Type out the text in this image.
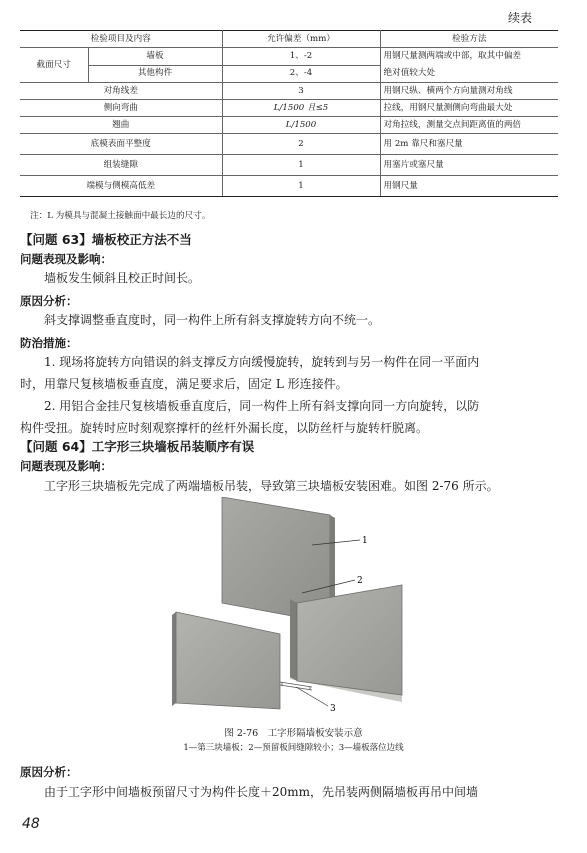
续表
检验项目及内容		允许偏差（mm）	检验方法
截面尺寸	墙板	1、-2	用钢尺量测两端或中部，取其中偏差
绝对值较大处
	其他构件	2、-4	
对角线差		3	用钢尺纵、横两个方向量测对角线
侧向弯曲		L/1500 且≤5	拉线，用钢尺量测侧向弯曲最大处
翘曲		L/1500	对角拉线，测量交点间距离值的两倍
底模表面平整度		2	用 2m 靠尺和塞尺量
组装缝隙		1	用塞片或塞尺量
端模与侧模高低差		1	用钢尺量
注：L 为模具与混凝土接触面中最长边的尺寸。
【问题 63】墙板校正方法不当
问题表现及影响：
墙板发生倾斜且校正时间长。
原因分析：
斜支撑调整垂直度时，同一构件上所有斜支撑旋转方向不统一。
防治措施：
1. 现场将旋转方向错误的斜支撑反方向缓慢旋转，旋转到与另一构件在同一平面内
时，用靠尺复核墙板垂直度，满足要求后，固定 L 形连接件。
2. 用铝合金挂尺复核墙板垂直度后，同一构件上所有斜支撑向同一方向旋转，以防
构件受扭。旋转时应时刻观察撑杆的丝杆外漏长度，以防丝杆与旋转杆脱离。
【问题 64】工字形三块墙板吊装顺序有误
问题表现及影响：
工字形三块墙板先完成了两端墙板吊装，导致第三块墙板安装困难。如图 2-76 所示。
1
2
3
图 2-76　工字形隔墙板安装示意
1—第三块墙板；2—预留板间缝隙较小；3—墙板落位边线
原因分析：
由于工字形中间墙板预留尺寸为构件长度＋20mm，先吊装两侧隔墙板再吊中间墙
48
